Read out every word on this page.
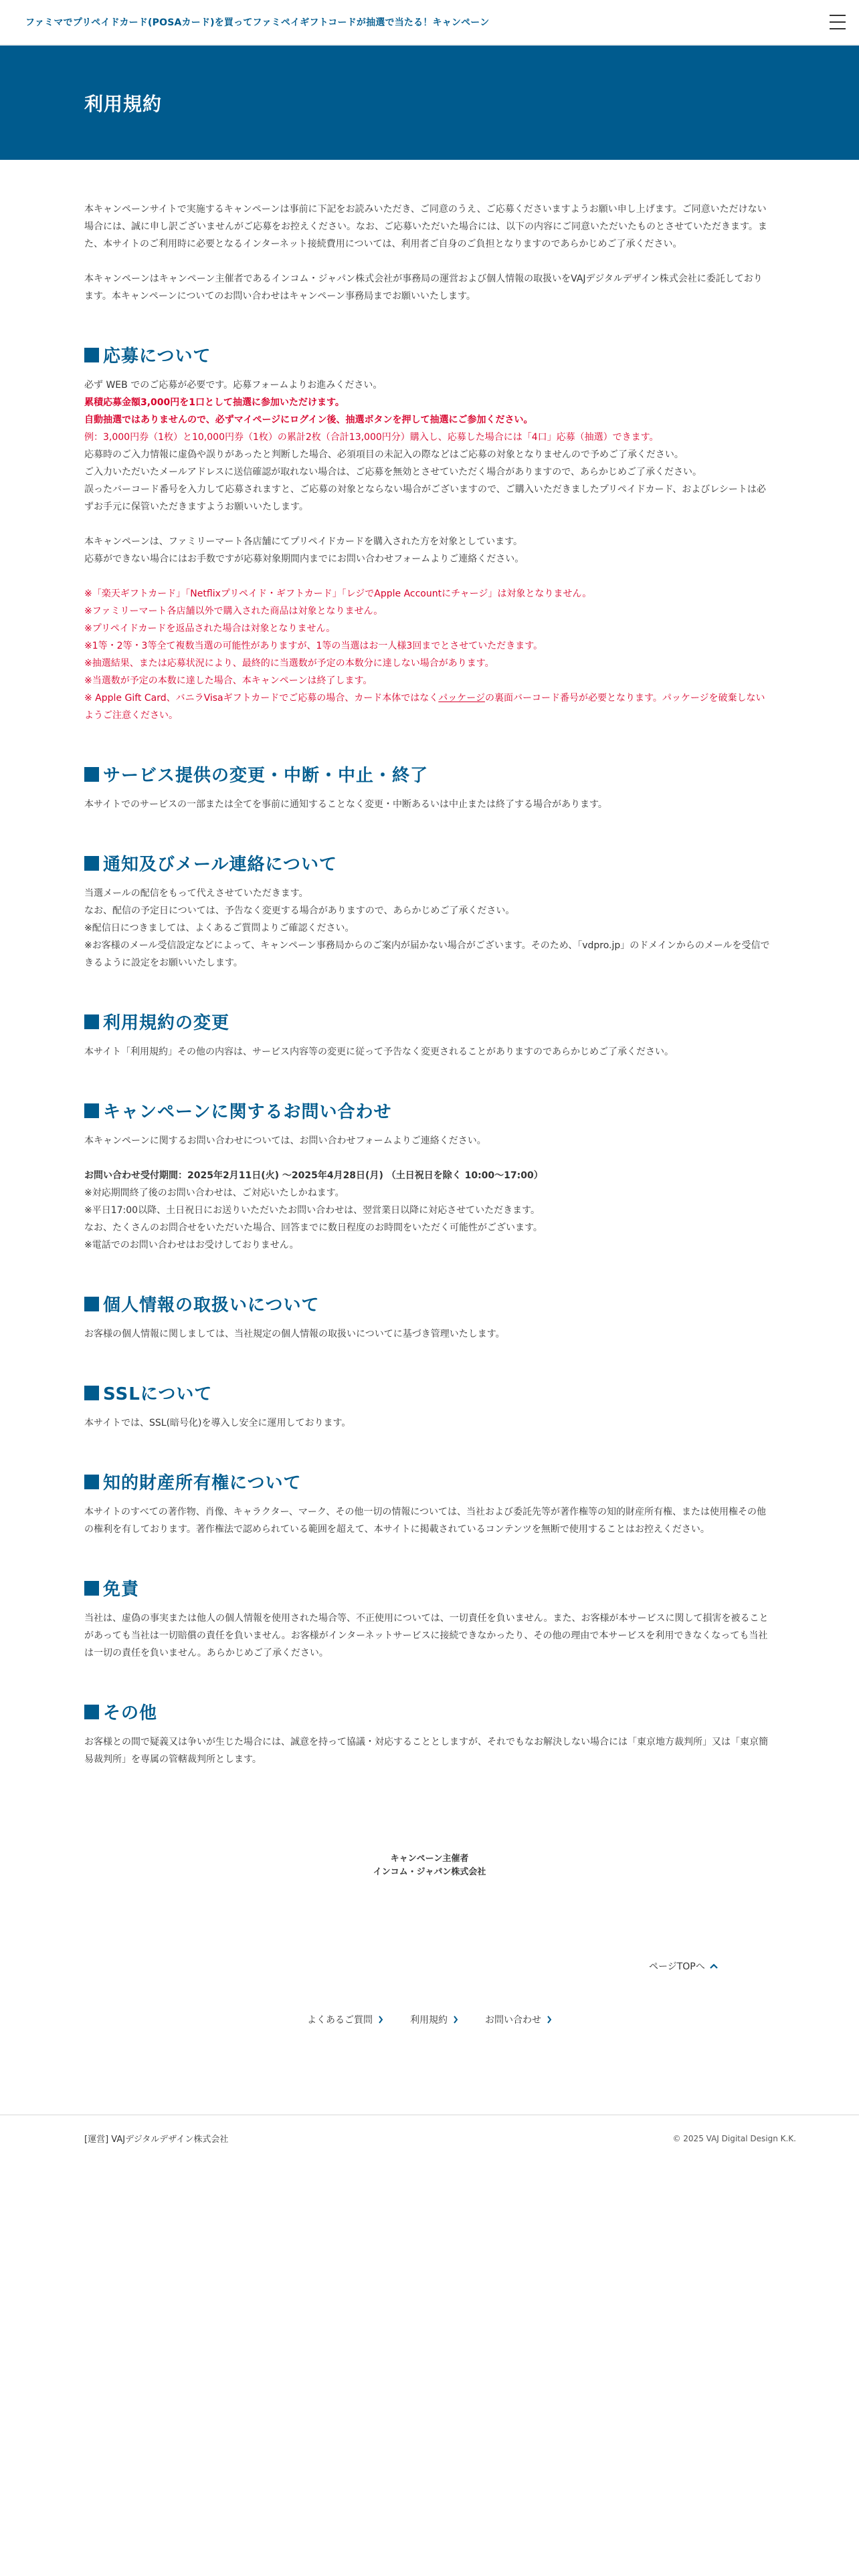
ファミマでプリペイドカード(POSAカード)を買ってファミペイギフトコードが抽選で当たる！キャンペーン
利用規約

本キャンペーンサイトで実施するキャンペーンは事前に下記をお読みいただき、ご同意のうえ、ご応募くださいますようお願い申し上げます。ご同意いただけない場合には、誠に申し訳ございませんがご応募をお控えください。なお、ご応募いただいた場合には、以下の内容にご同意いただいたものとさせていただきます。また、本サイトのご利用時に必要となるインターネット接続費用については、利用者ご自身のご負担となりますのであらかじめご了承ください。

本キャンペーンはキャンペーン主催者であるインコム・ジャパン株式会社が事務局の運営および個人情報の取扱いをVAJデジタルデザイン株式会社に委託しております。本キャンペーンについてのお問い合わせはキャンペーン事務局までお願いいたします。

応募について

必ず WEB でのご応募が必要です。応募フォームよりお進みください。

累積応募金額3,000円を1口として抽選に参加いただけます。

自動抽選ではありませんので、必ずマイページにログイン後、抽選ボタンを押して抽選にご参加ください。

例：3,000円券（1枚）と10,000円券（1枚）の累計2枚（合計13,000円分）購入し、応募した場合には「4口」応募（抽選）できます。

応募時のご入力情報に虚偽や誤りがあったと判断した場合、必須項目の未記入の際などはご応募の対象となりませんので予めご了承ください。
ご入力いただいたメールアドレスに送信確認が取れない場合は、ご応募を無効とさせていただく場合がありますので、あらかじめご了承ください。
誤ったバーコード番号を入力して応募されますと、ご応募の対象とならない場合がございますので、ご購入いただきましたプリペイドカード、およびレシートは必ずお手元に保管いただきますようお願いいたします。

本キャンペーンは、ファミリーマート各店舗にてプリペイドカードを購入された方を対象としています。
応募ができない場合にはお手数ですが応募対象期間内までにお問い合わせフォームよりご連絡ください。

※「楽天ギフトカード」「Netflixプリペイド・ギフトカード」「レジでApple Accountにチャージ」は対象となりません。

※ファミリーマート各店舗以外で購入された商品は対象となりません。

※プリペイドカードを返品された場合は対象となりません。

※1等・2等・3等全て複数当選の可能性がありますが、1等の当選はお一人様3回までとさせていただきます。

※抽選結果、または応募状況により、最終的に当選数が予定の本数分に達しない場合があります。

※当選数が予定の本数に達した場合、本キャンペーンは終了します。

※ Apple Gift Card、バニラVisaギフトカードでご応募の場合、カード本体ではなくパッケージの裏面バーコード番号が必要となります。パッケージを破棄しないようご注意ください。

サービス提供の変更・中断・中止・終了

本サイトでのサービスの一部または全てを事前に通知することなく変更・中断あるいは中止または終了する場合があります。

通知及びメール連絡について

当選メールの配信をもって代えさせていただきます。
なお、配信の予定日については、予告なく変更する場合がありますので、あらかじめご了承ください。
※配信日につきましては、よくあるご質問よりご確認ください。
※お客様のメール受信設定などによって、キャンペーン事務局からのご案内が届かない場合がございます。そのため、「vdpro.jp」のドメインからのメールを受信できるように設定をお願いいたします。

利用規約の変更

本サイト「利用規約」その他の内容は、サービス内容等の変更に従って予告なく変更されることがありますのであらかじめご了承ください。

キャンペーンに関するお問い合わせ

本キャンペーンに関するお問い合わせについては、お問い合わせフォームよりご連絡ください。

お問い合わせ受付期間：2025年2月11日(火) 〜2025年4月28日(月) （土日祝日を除く 10:00〜17:00）

※対応期間終了後のお問い合わせは、ご対応いたしかねます。
※平日17:00以降、土日祝日にお送りいただいたお問い合わせは、翌営業日以降に対応させていただきます。
なお、たくさんのお問合せをいただいた場合、回答までに数日程度のお時間をいただく可能性がございます。
※電話でのお問い合わせはお受けしておりません。

個人情報の取扱いについて

お客様の個人情報に関しましては、当社規定の個人情報の取扱いについてに基づき管理いたします。

SSLについて

本サイトでは、SSL(暗号化)を導入し安全に運用しております。

知的財産所有権について

本サイトのすべての著作物、肖像、キャラクター、マーク、その他一切の情報については、当社および委託先等が著作権等の知的財産所有権、または使用権その他の権利を有しております。著作権法で認められている範囲を超えて、本サイトに掲載されているコンテンツを無断で使用することはお控えください。

免責

当社は、虚偽の事実または他人の個人情報を使用された場合等、不正使用については、一切責任を負いません。また、お客様が本サービスに関して損害を被ることがあっても当社は一切賠償の責任を負いません。お客様がインターネットサービスに接続できなかったり、その他の理由で本サービスを利用できなくなっても当社は一切の責任を負いません。あらかじめご了承ください。

その他

お客様との間で疑義又は争いが生じた場合には、誠意を持って協議・対応することとしますが、それでもなお解決しない場合には「東京地方裁判所」又は「東京簡易裁判所」を専属の管轄裁判所とします。

キャンペーン主催者
インコム・ジャパン株式会社
ページTOPへ
よくあるご質問	利用規約	お問い合わせ
[運営] VAJデジタルデザイン株式会社	© 2025 VAJ Digital Design K.K.
